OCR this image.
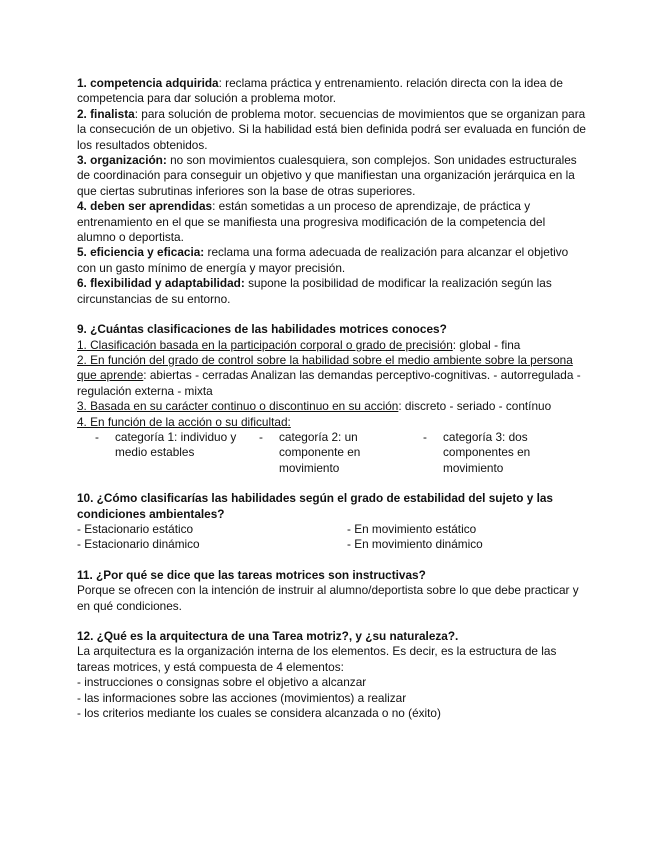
1. competencia adquirida: reclama práctica y entrenamiento. relación directa con la idea de competencia para dar solución a problema motor.

2. finalista: para solución de problema motor. secuencias de movimientos que se organizan para la consecución de un objetivo. Si la habilidad está bien definida podrá ser evaluada en función de los resultados obtenidos.

3. organización: no son movimientos cualesquiera, son complejos. Son unidades estructurales de coordinación para conseguir un objetivo y que manifiestan una organización jerárquica en la que ciertas subrutinas inferiores son la base de otras superiores.

4. deben ser aprendidas: están sometidas a un proceso de aprendizaje, de práctica y entrenamiento en el que se manifiesta una progresiva modificación de la competencia del alumno o deportista.

5. eficiencia y eficacia: reclama una forma adecuada de realización para alcanzar el objetivo con un gasto mínimo de energía y mayor precisión.

6. flexibilidad y adaptabilidad: supone la posibilidad de modificar la realización según las circunstancias de su entorno.

9. ¿Cuántas clasificaciones de las habilidades motrices conoces?

1. Clasificación basada en la participación corporal o grado de precisión: global - fina

2. En función del grado de control sobre la habilidad sobre el medio ambiente sobre la persona que aprende: abiertas - cerradas Analizan las demandas perceptivo-cognitivas. - autorregulada - regulación externa - mixta

3. Basada en su carácter continuo o discontinuo en su acción: discreto - seriado - contínuo

4. En función de la acción o su dificultad:

-	categoría 1: individuo y medio estables
-	categoría 2: un componente en movimiento
-	categoría 3: dos componentes en movimiento

10. ¿Cómo clasificarías las habilidades según el grado de estabilidad del sujeto y las condiciones ambientales?

- Estacionario estático
- Estacionario dinámico
- En movimiento estático
- En movimiento dinámico

11. ¿Por qué se dice que las tareas motrices son instructivas?

Porque se ofrecen con la intención de instruir al alumno/deportista sobre lo que debe practicar y en qué condiciones.

12. ¿Qué es la arquitectura de una Tarea motriz?, y ¿su naturaleza?.

La arquitectura es la organización interna de los elementos. Es decir, es la estructura de las tareas motrices, y está compuesta de 4 elementos:

- instrucciones o consignas sobre el objetivo a alcanzar

- las informaciones sobre las acciones (movimientos) a realizar

- los criterios mediante los cuales se considera alcanzada o no (éxito)
